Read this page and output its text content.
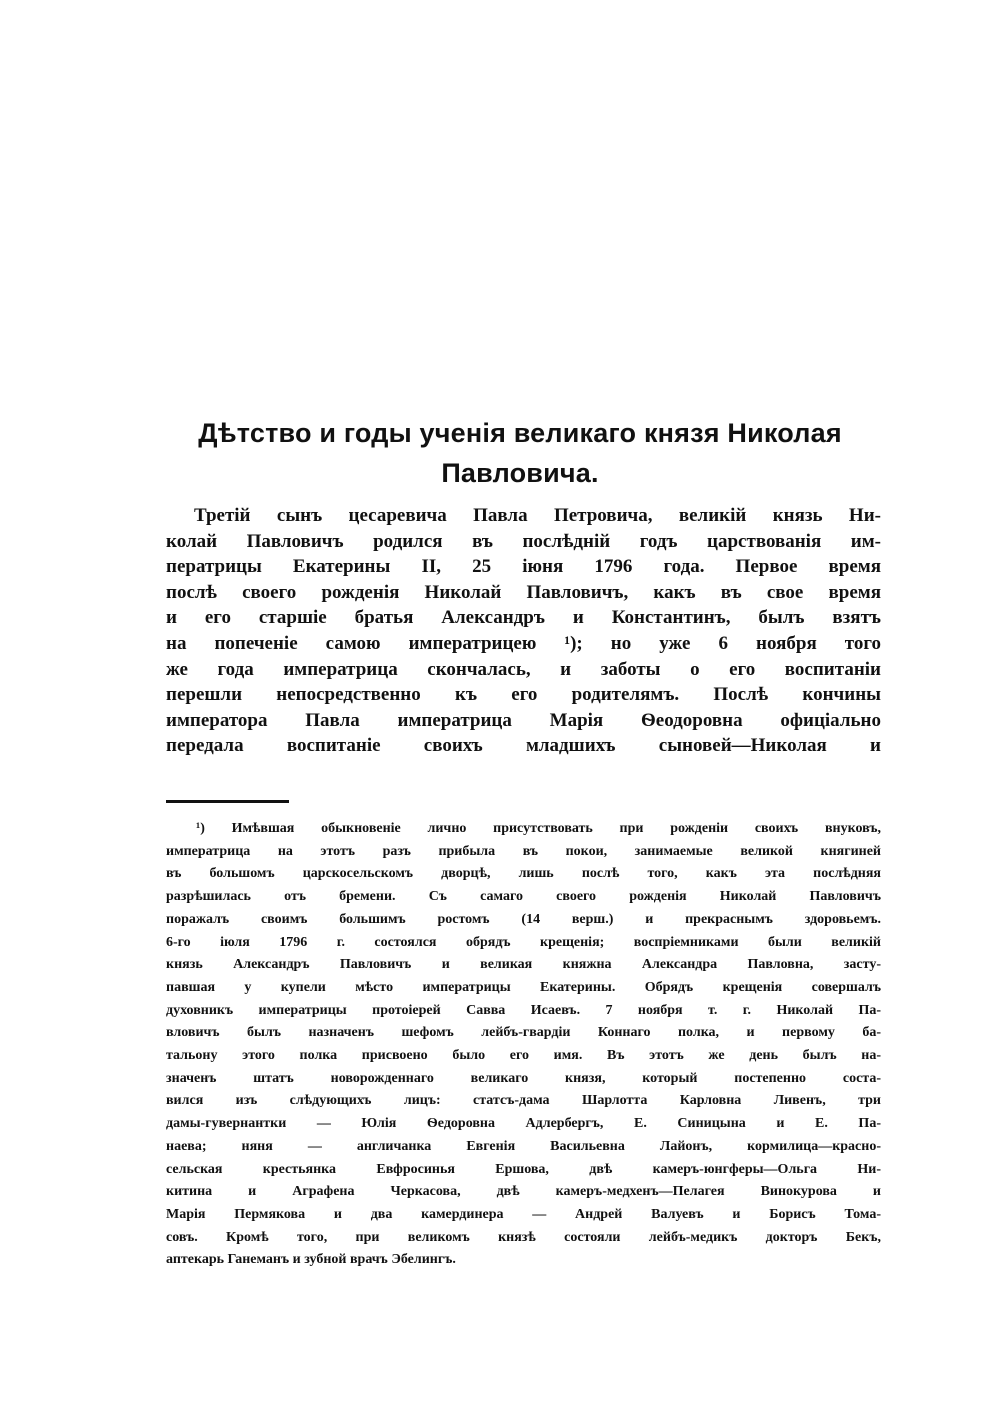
Дѣтство и годы ученія великаго князя Николая
Павловича.
Третій сынъ цесаревича Павла Петровича, великій князь Ни-
колай Павловичъ родился въ послѣдній годъ царствованія им-
ператрицы Екатерины II, 25 іюня 1796 года. Первое время
послѣ своего рожденія Николай Павловичъ, какъ въ свое время
и его старшіе братья Александръ и Константинъ, былъ взятъ
на попеченіе самою императрицею ¹); но уже 6 ноября того
же года императрица скончалась, и заботы о его воспитаніи
перешли непосредственно къ его родителямъ. Послѣ кончины
императора Павла императрица Марія Ѳеодоровна офиціально
передала воспитаніе своихъ младшихъ сыновей—Николая и
¹) Имѣвшая обыкновеніе лично присутствовать при рожденіи своихъ внуковъ,
императрица на этотъ разъ прибыла въ покои, занимаемые великой княгиней
въ большомъ царскосельскомъ дворцѣ, лишь послѣ того, какъ эта послѣдняя
разрѣшилась отъ бремени. Съ самаго своего рожденія Николай Павловичъ
поражалъ своимъ большимъ ростомъ (14 верш.) и прекраснымъ здоровьемъ.
6-го іюля 1796 г. состоялся обрядъ крещенія; воспріемниками были великій
князь Александръ Павловичъ и великая княжна Александра Павловна, засту-
павшая у купели мѣсто императрицы Екатерины. Обрядъ крещенія совершалъ
духовникъ императрицы протоіерей Савва Исаевъ. 7 ноября т. г. Николай Па-
вловичъ былъ назначенъ шефомъ лейбъ-гвардіи Коннаго полка, и первому ба-
тальону этого полка присвоено было его имя. Въ этотъ же день былъ на-
значенъ штатъ новорожденнаго великаго князя, который постепенно соста-
вился изъ слѣдующихъ лицъ: статсъ-дама Шарлотта Карловна Ливенъ, три
дамы-гувернантки — Юлія Ѳедоровна Адлербергъ, Е. Синицына и Е. Па-
наева; няня — англичанка Евгенія Васильевна Лайонъ, кормилица—красно-
сельская крестьянка Евфросинья Ершова, двѣ камеръ-юнгферы—Ольга Ни-
китина и Аграфена Черкасова, двѣ камеръ-медхенъ—Пелагея Винокурова и
Марія Пермякова и два камердинера — Андрей Валуевъ и Борисъ Тома-
совъ. Кромѣ того, при великомъ князѣ состояли лейбъ-медикъ докторъ Бекъ,
аптекарь Ганеманъ и зубной врачъ Эбелингъ.
